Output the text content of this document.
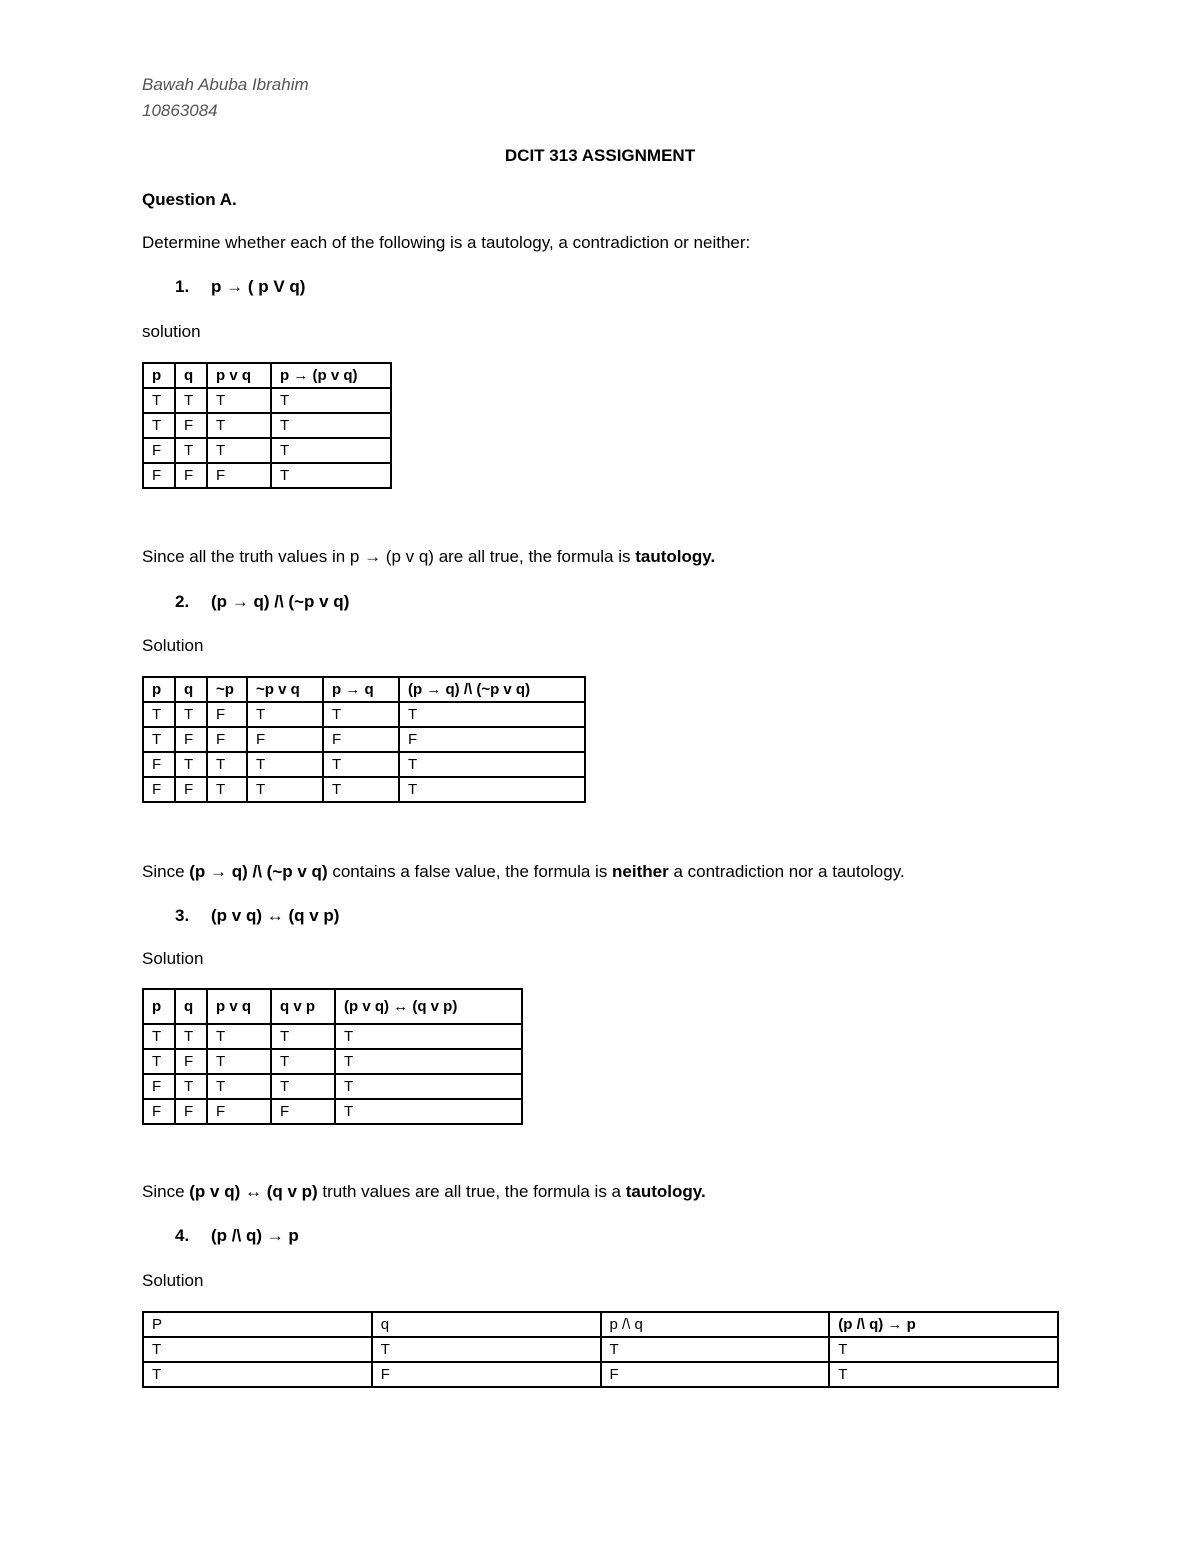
Bawah Abuba Ibrahim
10863084
DCIT 313 ASSIGNMENT
Question A.
Determine whether each of the following is a tautology, a contradiction or neither:
1. p → ( p V q)
solution
p	q	p v q	p → (p v q)
T	T	T	T
T	F	T	T
F	T	T	T
F	F	F	T
Since all the truth values in p → (p v q) are all true, the formula is tautology.
2. (p → q) /\ (~p v q)
Solution
p	q	~p	~p v q	p → q	(p → q) /\ (~p v q)
T	T	F	T	T	T
T	F	F	F	F	F
F	T	T	T	T	T
F	F	T	T	T	T
Since (p → q) /\ (~p v q) contains a false value, the formula is neither a contradiction nor a tautology.
3. (p v q) ↔ (q v p)
Solution
p	q	p v q	q v p	(p v q) ↔ (q v p)
T	T	T	T	T
T	F	T	T	T
F	T	T	T	T
F	F	F	F	T
Since (p v q) ↔ (q v p) truth values are all true, the formula is a tautology.
4. (p /\ q) → p
Solution
P	q	p /\ q	(p /\ q) → p
T	T	T	T
T	F	F	T
